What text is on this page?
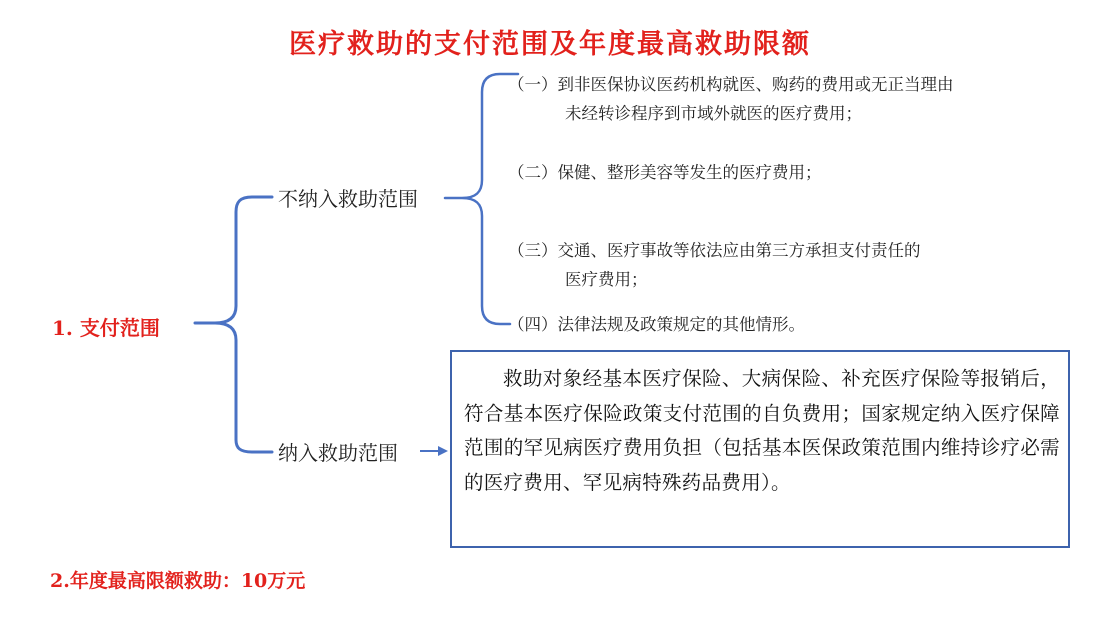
医疗救助的支付范围及年度最高救助限额
1. 支付范围
不纳入救助范围
纳入救助范围
（一）到非医保协议医药机构就医、购药的费用或无正当理由
未经转诊程序到市域外就医的医疗费用；
（二）保健、整形美容等发生的医疗费用；
（三）交通、医疗事故等依法应由第三方承担支付责任的
医疗费用；
（四）法律法规及政策规定的其他情形。
救助对象经基本医疗保险、大病保险、补充医疗保险等报销后，符合基本医疗保险政策支付范围的自负费用；国家规定纳入医疗保障范围的罕见病医疗费用负担（包括基本医保政策范围内维持诊疗必需的医疗费用、罕见病特殊药品费用）。
2.年度最高限额救助：10万元
